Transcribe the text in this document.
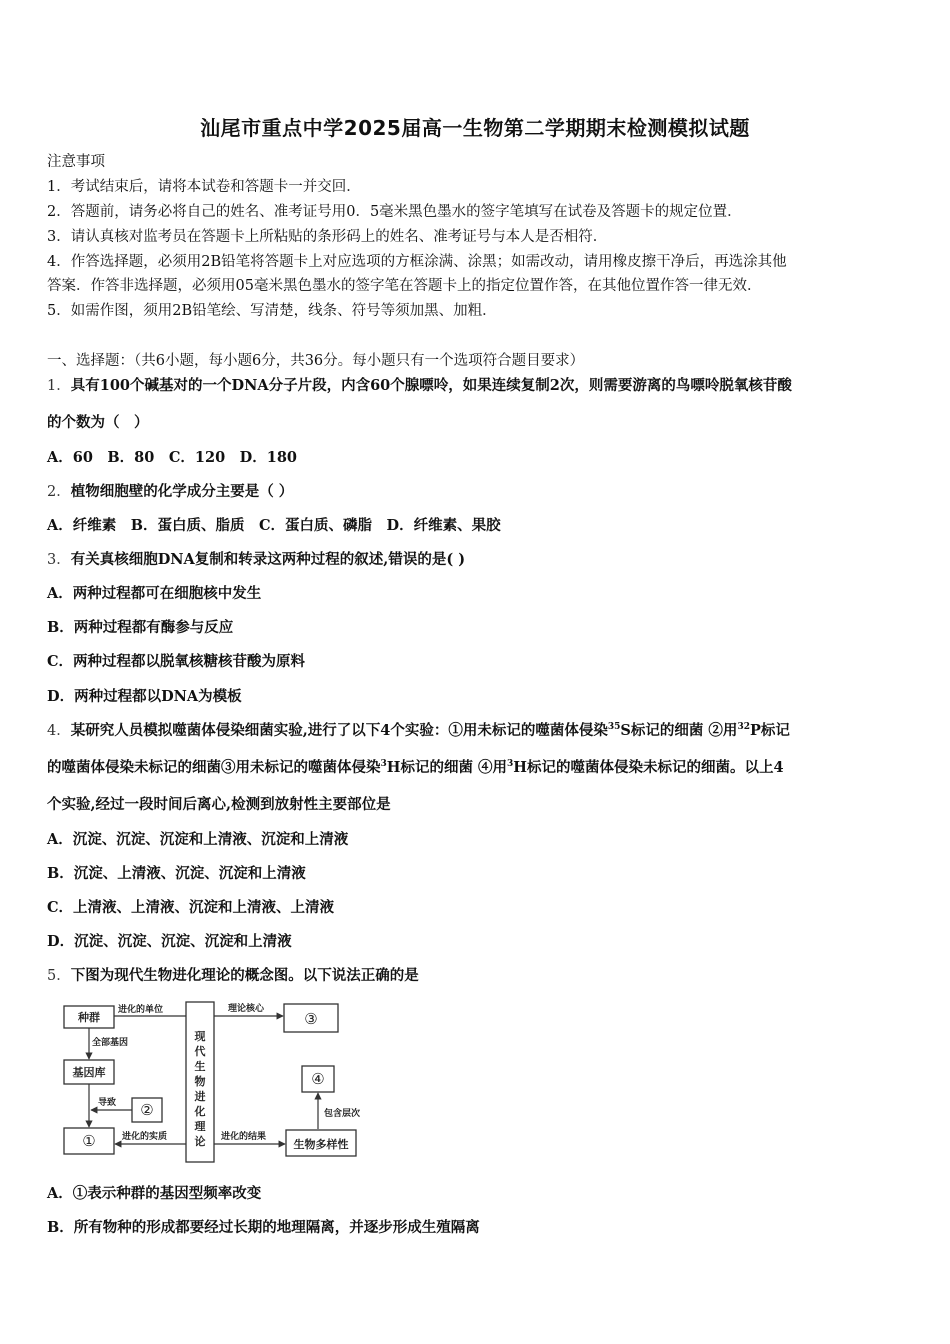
汕尾市重点中学2025届高一生物第二学期期末检测模拟试题
注意事项
1．考试结束后，请将本试卷和答题卡一并交回．
2．答题前，请务必将自己的姓名、准考证号用0．5毫米黑色墨水的签字笔填写在试卷及答题卡的规定位置．
3．请认真核对监考员在答题卡上所粘贴的条形码上的姓名、准考证号与本人是否相符．
4．作答选择题，必须用2B铅笔将答题卡上对应选项的方框涂满、涂黑；如需改动，请用橡皮擦干净后，再选涂其他
答案．作答非选择题，必须用05毫米黑色墨水的签字笔在答题卡上的指定位置作答，在其他位置作答一律无效．
5．如需作图，须用2B铅笔绘、写清楚，线条、符号等须加黑、加粗．
一、选择题：（共6小题，每小题6分，共36分。每小题只有一个选项符合题目要求）
1．具有100个碱基对的一个DNA分子片段，内含60个腺嘌呤，如果连续复制2次，则需要游离的鸟嘌呤脱氧核苷酸
的个数为（　）
A．60　B．80　C．120　D．180
2．植物细胞壁的化学成分主要是（ ）
A．纤维素　B．蛋白质、脂质　C．蛋白质、磷脂　D．纤维素、果胶
3．有关真核细胞DNA复制和转录这两种过程的叙述,错误的是( )
A．两种过程都可在细胞核中发生
B．两种过程都有酶参与反应
C．两种过程都以脱氧核糖核苷酸为原料
D．两种过程都以DNA为模板
4．某研究人员模拟噬菌体侵染细菌实验,进行了以下4个实验：①用未标记的噬菌体侵染$^{35}$S标记的细菌 ②用$^{32}$P标记
的噬菌体侵染未标记的细菌③用未标记的噬菌体侵染$^3$H标记的细菌 ④用$^3$H标记的噬菌体侵染未标记的细菌。以上4
个实验,经过一段时间后离心,检测到放射性主要部位是
A．沉淀、沉淀、沉淀和上清液、沉淀和上清液
B．沉淀、上清液、沉淀、沉淀和上清液
C．上清液、上清液、沉淀和上清液、上清液
D．沉淀、沉淀、沉淀、沉淀和上清液
5．下图为现代生物进化理论的概念图。以下说法正确的是
种群
基因库
①
②
现
代
生
物
进
化
理
论
③
④
生物多样性
进化的单位
全部基因
导致
进化的实质
理论核心
进化的结果
包含层次
A．①表示种群的基因型频率改变
B．所有物种的形成都要经过长期的地理隔离，并逐步形成生殖隔离
